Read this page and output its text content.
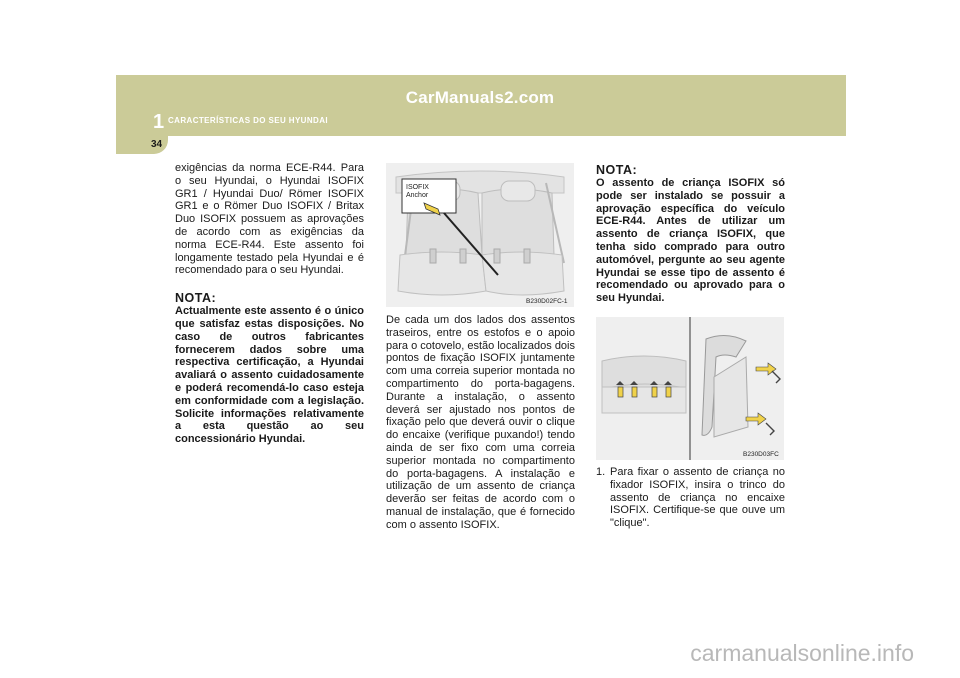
CarManuals2.com
1 CARACTERÍSTICAS DO SEU HYUNDAI
34

exigências da norma ECE-R44. Para o seu Hyundai, o Hyundai ISOFIX GR1 / Hyundai Duo/ Römer ISOFIX GR1 e o Römer Duo ISOFIX / Britax Duo ISOFIX possuem as aprovações de acordo com as exigências da norma ECE-R44. Este assento foi longamente testado pela Hyundai e é recomendado para o seu Hyundai.

NOTA:

Actualmente este assento é o único que satisfaz estas disposições. No caso de outros fabricantes fornecerem dados sobre uma respectiva certificação, a Hyundai avaliará o assento cuidadosamente e poderá recomendá-lo caso esteja em conformidade com a legislação. Solicite informações relativamente a esta questão ao seu concessionário Hyundai.

ISOFIX
Anchor
B230D02FC-1

De cada um dos lados dos assentos traseiros, entre os estofos e o apoio para o cotovelo, estão localizados dois pontos de fixação ISOFIX juntamente com uma correia superior montada no compartimento do porta-bagagens. Durante a instalação, o assento deverá ser ajustado nos pontos de fixação pelo que deverá ouvir o clique do encaixe (verifique puxando!) tendo ainda de ser fixo com uma correia superior montada no compartimento do porta-bagagens. A instalação e utilização de um assento de criança deverão ser feitas de acordo com o manual de instalação, que é fornecido com o assento ISOFIX.

NOTA:

O assento de criança ISOFIX só pode ser instalado se possuir a aprovação específica do veículo ECE-R44. Antes de utilizar um assento de criança ISOFIX, que tenha sido comprado para outro automóvel, pergunte ao seu agente Hyundai se esse tipo de assento é recomendado ou aprovado para o seu Hyundai.

B230D03FC
1. Para fixar o assento de criança no fixador ISOFIX, insira o trinco do assento de criança no encaixe ISOFIX. Certifique-se que ouve um "clique".

carmanualsonline.info
